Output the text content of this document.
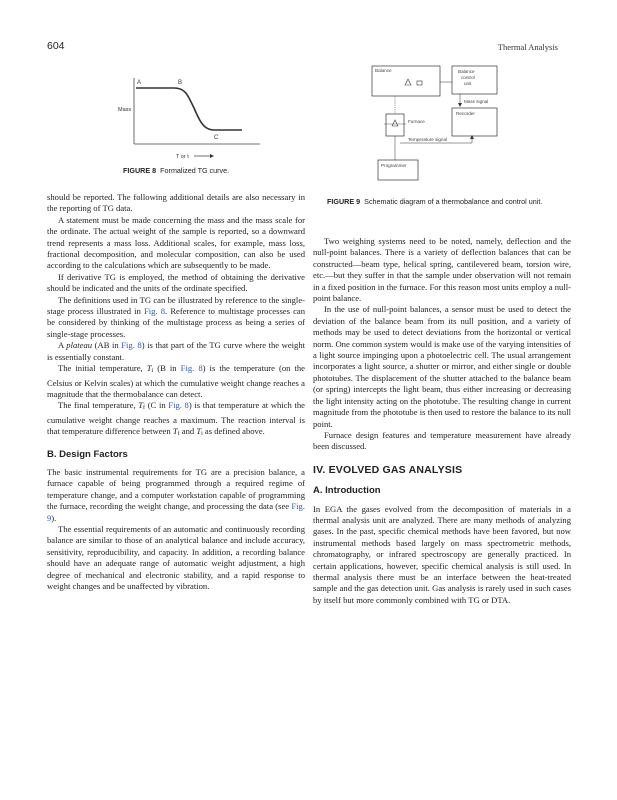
604	Thermal Analysis
A	B
C
Mass
T or t
FIGURE 8 Formalized TG curve.
Balance	Balance
control
unit
Mass signal
Recorder
Furnace
Temperature signal
Programmer
FIGURE 9 Schematic diagram of a thermobalance and control unit.

should be reported. The following additional details are also necessary in the reporting of TG data.

A statement must be made concerning the mass and the mass scale for the ordinate. The actual weight of the sample is reported, so a downward trend represents a mass loss. Additional scales, for example, mass loss, fractional decomposition, and molecular composition, can also be used according to the calculations which are subsequently to be made.

If derivative TG is employed, the method of obtaining the derivative should be indicated and the units of the ordinate specified.

The definitions used in TG can be illustrated by reference to the single-stage process illustrated in Fig. 8. Reference to multistage processes can be considered by thinking of the multistage process as being a series of single-stage processes.

A plateau (AB in Fig. 8) is that part of the TG curve where the weight is essentially constant.

The initial temperature, Ti (B in Fig. 8) is the temperature (on the Celsius or Kelvin scales) at which the cumulative weight change reaches a magnitude that the thermobalance can detect.

The final temperature, Tf (C in Fig. 8) is that temperature at which the cumulative weight change reaches a maximum. The reaction interval is that temperature difference between Tf and Ti as defined above.

B. Design Factors

The basic instrumental requirements for TG are a precision balance, a furnace capable of being programmed through a required regime of temperature change, and a computer workstation capable of programming the furnace, recording the weight change, and processing the data (see Fig. 9).

The essential requirements of an automatic and continuously recording balance are similar to those of an analytical balance and include accuracy, sensitivity, reproducibility, and capacity. In addition, a recording balance should have an adequate range of automatic weight adjustment, a high degree of mechanical and electronic stability, and a rapid response to weight changes and be unaffected by vibration.

Two weighing systems need to be noted, namely, deflection and the null-point balances. There is a variety of deflection balances that can be constructed—beam type, helical spring, cantilevered beam, torsion wire, etc.—but they suffer in that the sample under observation will not remain in a fixed position in the furnace. For this reason most units employ a null-point balance.

In the use of null-point balances, a sensor must be used to detect the deviation of the balance beam from its null position, and a variety of methods may be used to detect deviations from the horizontal or vertical norm. One common system would is make use of the varying intensities of a light source impinging upon a photoelectric cell. The usual arrangement incorporates a light source, a shutter or mirror, and either single or double phototubes. The displacement of the shutter attached to the balance beam (or spring) intercepts the light beam, thus either increasing or decreasing the light intensity acting on the phototube. The resulting change in current magnitude from the phototube is then used to restore the balance to its null point.

Furnace design features and temperature measurement have already been discussed.

IV. EVOLVED GAS ANALYSIS
A. Introduction

In EGA the gases evolved from the decomposition of materials in a thermal analysis unit are analyzed. There are many methods of analyzing gases. In the past, specific chemical methods have been favored, but now instrumental methods based largely on mass spectrometric methods, chromatography, or infrared spectroscopy are generally practiced. In certain applications, however, specific chemical analysis is still used. In thermal analysis there must be an interface between the heat-treated sample and the gas detection unit. Gas analysis is rarely used in such cases by itself but more commonly combined with TG or DTA.
